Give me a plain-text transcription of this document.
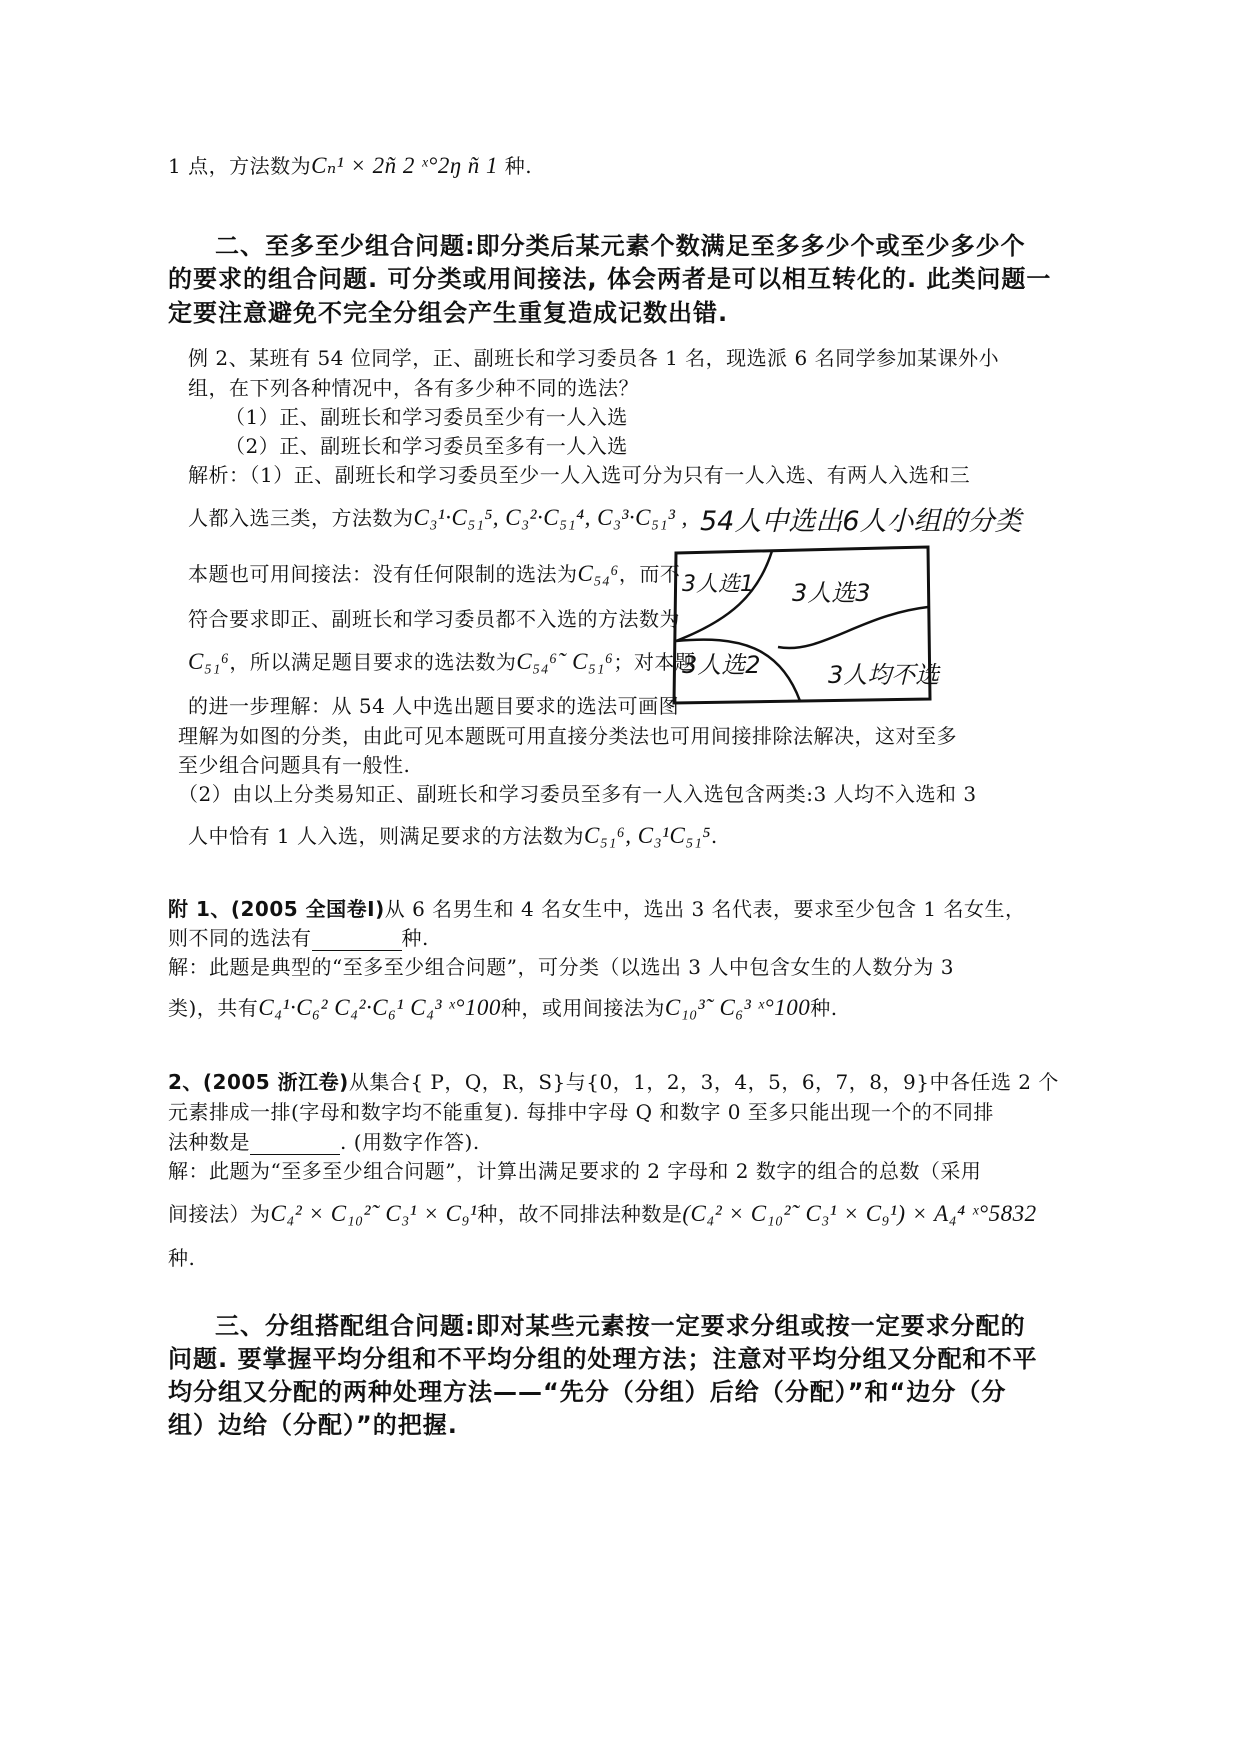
1 点，方法数为Cₙ¹ × 2ñ 2 ˣ°2ŋ ñ 1 种.
二、至多至少组合问题:即分类后某元素个数满足至多多少个或至少多少个
的要求的组合问题. 可分类或用间接法, 体会两者是可以相互转化的. 此类问题一
定要注意避免不完全分组会产生重复造成记数出错.
例 2、某班有 54 位同学，正、副班长和学习委员各 1 名，现选派 6 名同学参加某课外小
组，在下列各种情况中，各有多少种不同的选法？
（1）正、副班长和学习委员至少有一人入选
（2）正、副班长和学习委员至多有一人入选
解析：（1）正、副班长和学习委员至少一人入选可分为只有一人入选、有两人入选和三
人都入选三类，方法数为C₃¹·C₅₁⁵, C₃²·C₅₁⁴, C₃³·C₅₁³ ,
本题也可用间接法：没有任何限制的选法为C₅₄⁶，而不
符合要求即正、副班长和学习委员都不入选的方法数为
C₅₁⁶，所以满足题目要求的选法数为C₅₄⁶˜ C₅₁⁶；对本题
的进一步理解：从 54 人中选出题目要求的选法可画图
理解为如图的分类，由此可见本题既可用直接分类法也可用间接排除法解决，这对至多
至少组合问题具有一般性.
（2）由以上分类易知正、副班长和学习委员至多有一人入选包含两类:3 人均不入选和 3
人中恰有 1 人入选，则满足要求的方法数为C₅₁⁶, C₃¹C₅₁⁵.
54人中选出6人小组的分类
3人选1 3人选3
3人选2	3人均不选
附 1、(2005 全国卷Ⅰ)从 6 名男生和 4 名女生中，选出 3 名代表，要求至少包含 1 名女生，
则不同的选法有	种.
解：此题是典型的“至多至少组合问题”，可分类（以选出 3 人中包含女生的人数分为 3
类)，共有C₄¹·C₆² C₄²·C₆¹ C₄³ ˣ°100种，或用间接法为C₁₀³˜ C₆³ ˣ°100种.
2、(2005 浙江卷)从集合{ P，Q，R，S}与{0，1，2，3，4，5，6，7，8，9}中各任选 2 个
元素排成一排(字母和数字均不能重复). 每排中字母 Q 和数字 0 至多只能出现一个的不同排
法种数是	. (用数字作答).
解：此题为“至多至少组合问题”，计算出满足要求的 2 字母和 2 数字的组合的总数（采用
间接法）为C₄² × C₁₀²˜ C₃¹ × C₉¹种，故不同排法种数是(C₄² × C₁₀²˜ C₃¹ × C₉¹) × A₄⁴ ˣ°5832
种.
三、分组搭配组合问题:即对某些元素按一定要求分组或按一定要求分配的
问题. 要掌握平均分组和不平均分组的处理方法；注意对平均分组又分配和不平
均分组又分配的两种处理方法——“先分（分组）后给（分配）”和“边分（分
组）边给（分配）”的把握.
